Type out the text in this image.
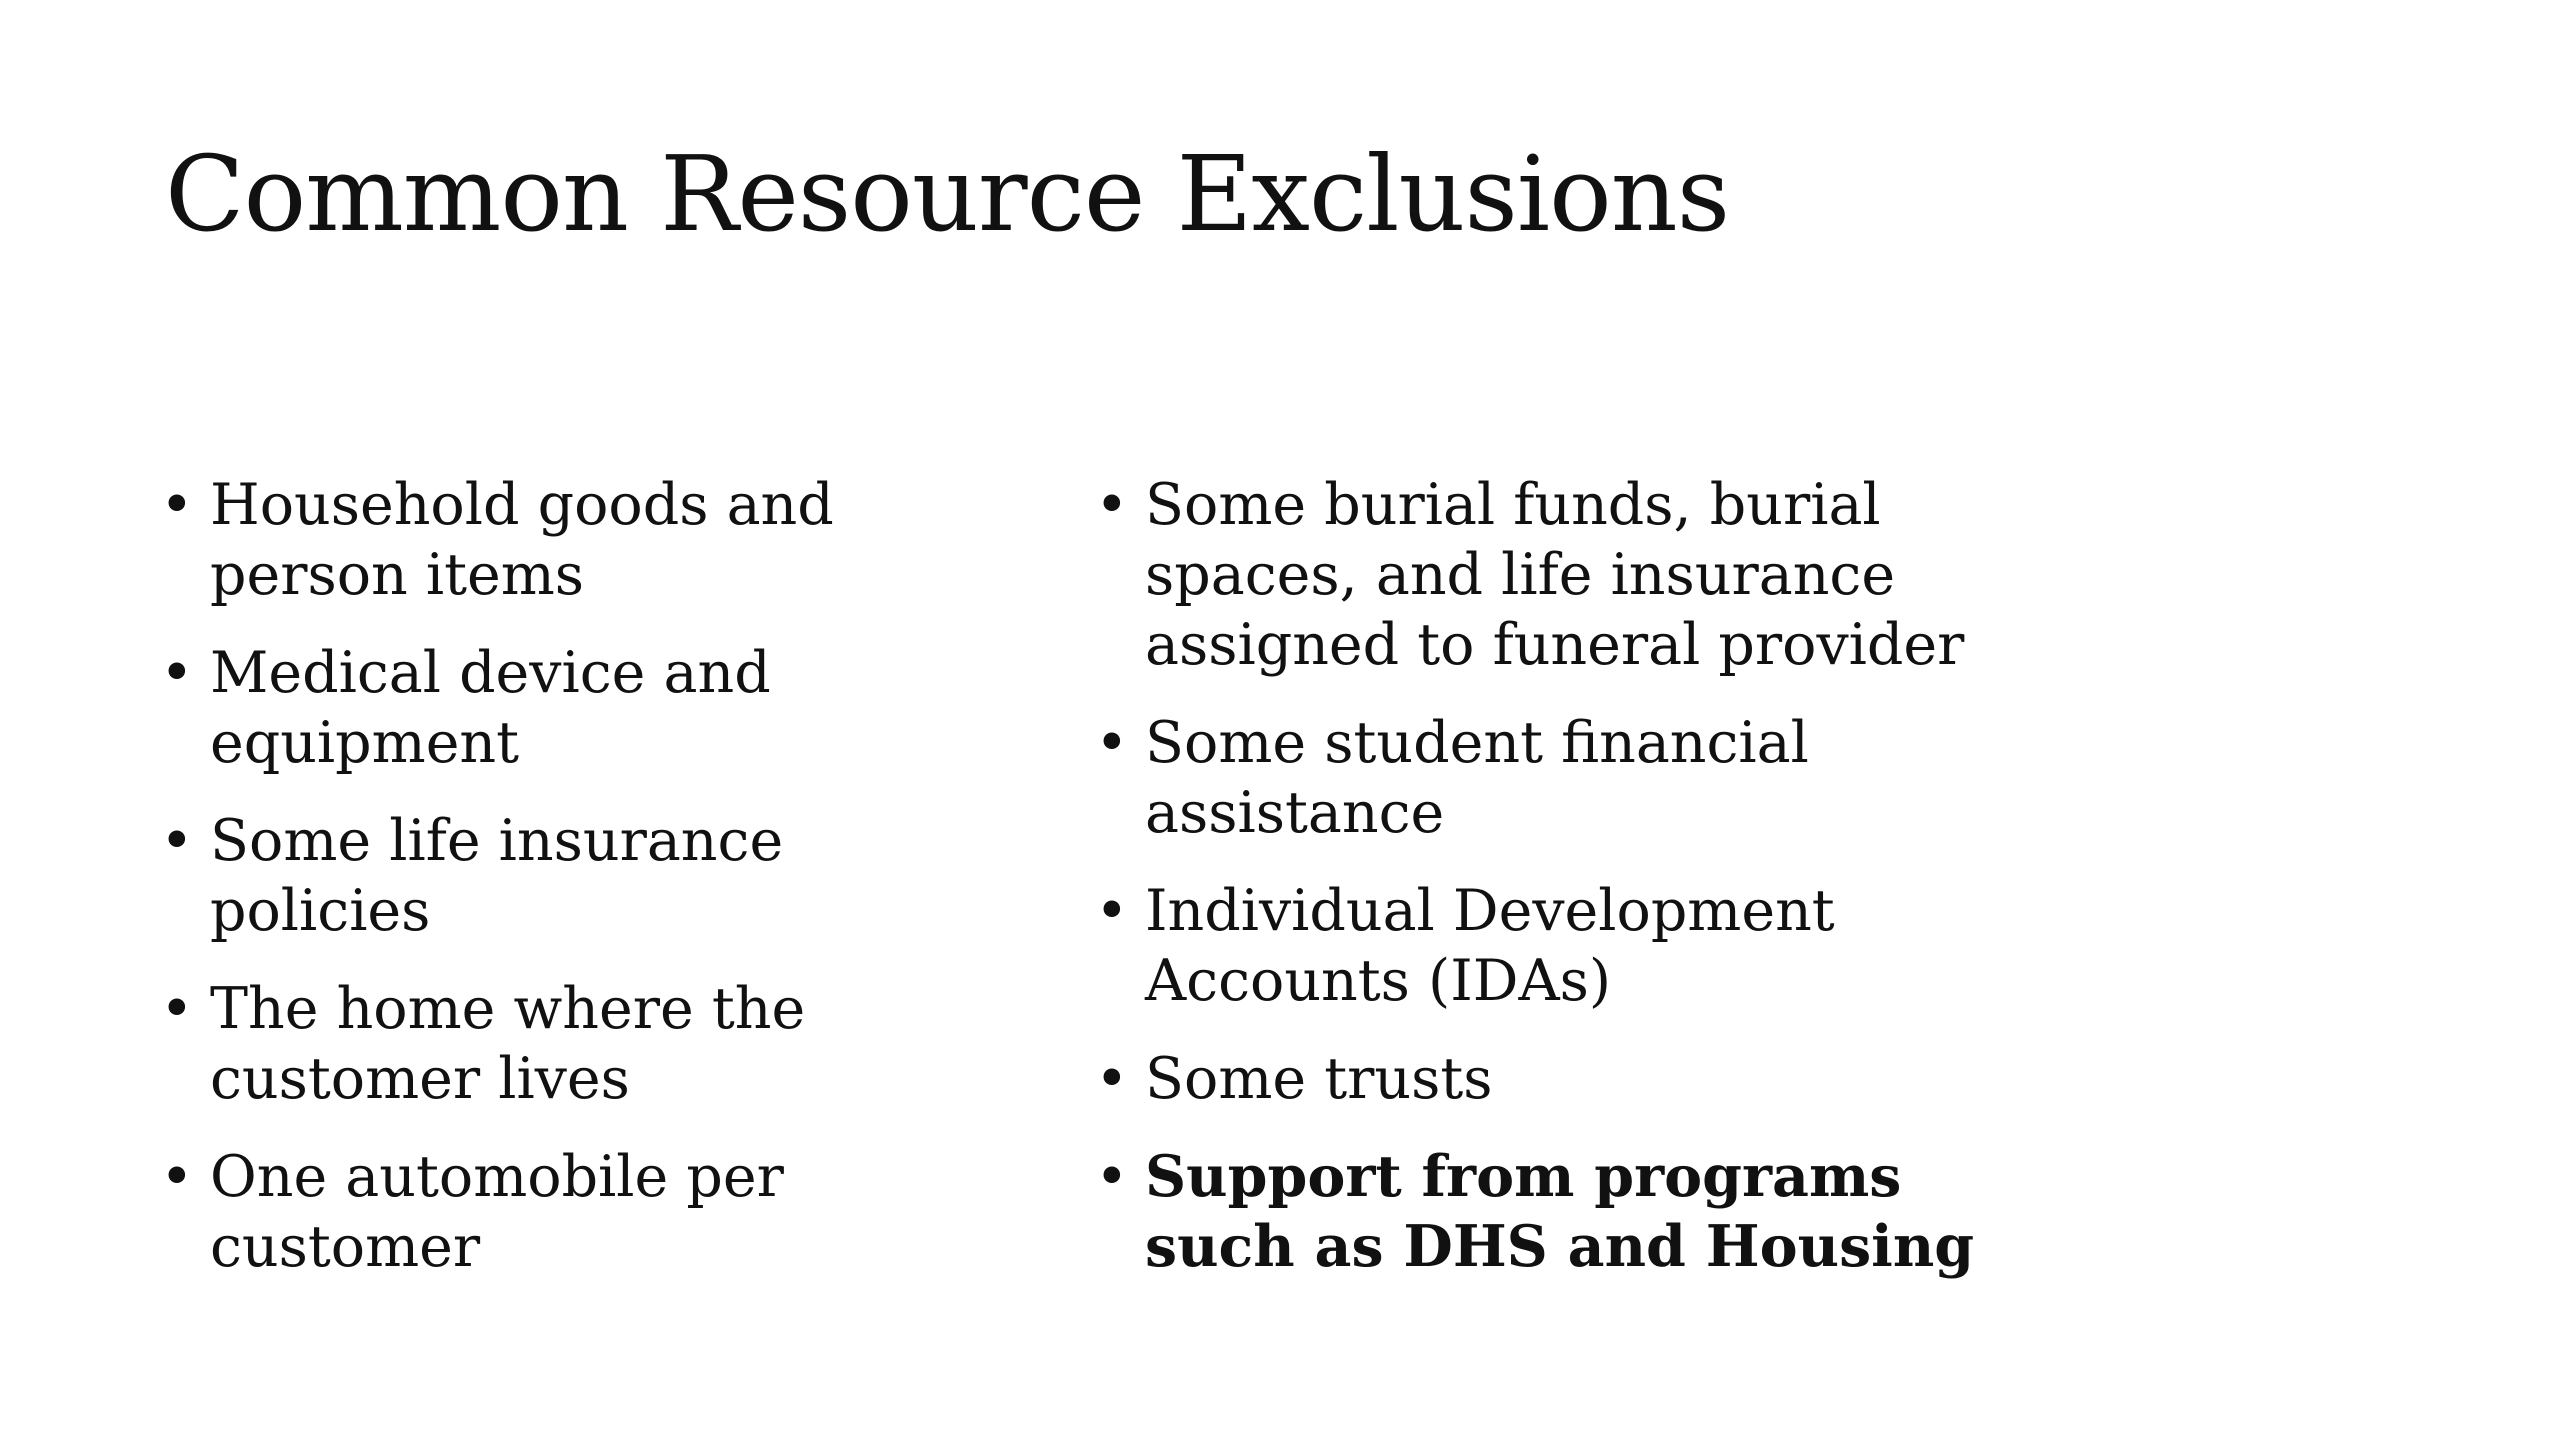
Common Resource Exclusions
• Household goods and person items
• Medical device and equipment
• Some life insurance policies
• The home where the customer lives
• One automobile per customer
• Some burial funds, burial spaces, and life insurance assigned to funeral provider
• Some student financial assistance
• Individual Development Accounts (IDAs)
• Some trusts
• Support from programs such as DHS and Housing
